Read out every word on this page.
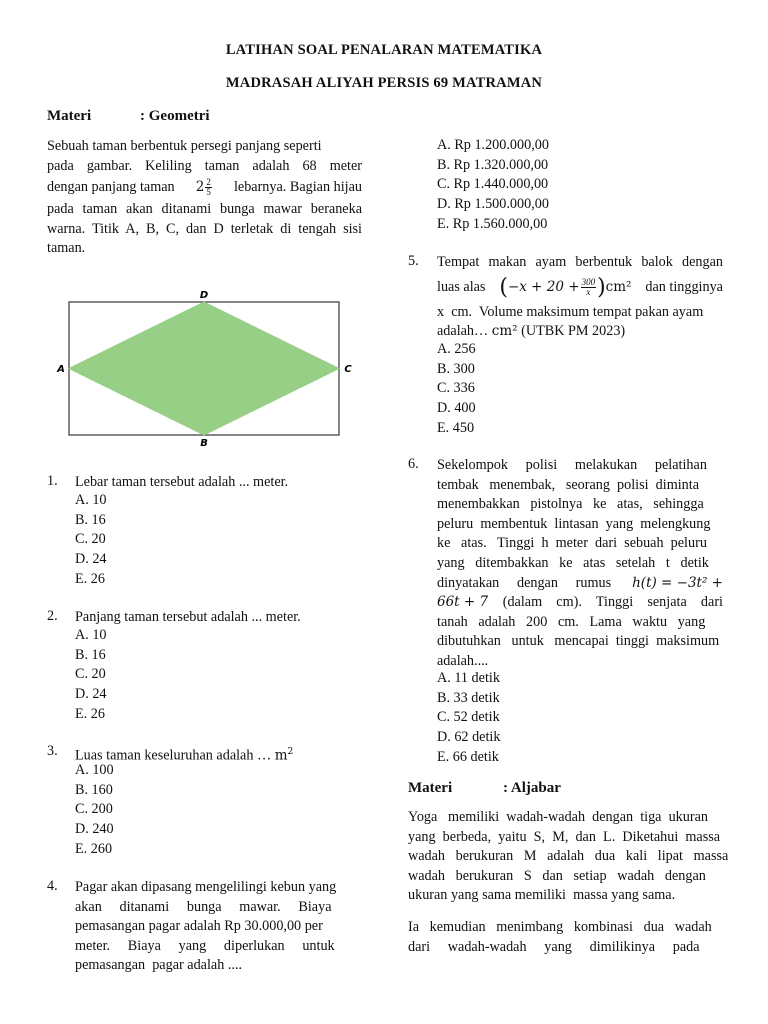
LATIHAN SOAL PENALARAN MATEMATIKA
MADRASAH ALIYAH PERSIS 69 MATRAMAN
Materi	: Geometri
Sebuah taman berbentuk persegi panjang seperti
pada gambar. Keliling taman adalah 68 meter
dengan panjang taman $2 \frac{2}{5}$ lebarnya. Bagian hijau
pada taman akan ditanami bunga mawar beraneka
warna. Titik A, B, C, dan D terletak di tengah sisi
taman.
D
B
A	C
1. Lebar taman tersebut adalah ... meter.
A. 10
B. 16
C. 20
D. 24
E. 26
2. Panjang taman tersebut adalah ... meter.
A. 10
B. 16
C. 20
D. 24
E. 26
3. Luas taman keseluruhan adalah … $m^2$
A. 100
B. 160
C. 200
D. 240
E. 260
4. Pagar akan dipasang mengelilingi kebun yang
akan     ditanami     bunga     mawar.     Biaya
pemasangan pagar adalah Rp 30.000,00 per
meter.     Biaya     yang     diperlukan     untuk
pemasangan  pagar adalah ....
A. Rp 1.200.000,00
B. Rp 1.320.000,00
C. Rp 1.440.000,00
D. Rp 1.500.000,00
E. Rp 1.560.000,00
5. Tempat makan ayam berbentuk balok dengan
luas alas $(-x + 20 + \frac{300}{x} )cm^2$ dan tingginya
x  cm.  Volume maksimum tempat pakan ayam
adalah… cm² (UTBK PM 2023)
A. 256
B. 300
C. 336
D. 400
E. 450
6. Sekelompok     polisi     melakukan     pelatihan
tembak   menembak,   seorang  polisi  diminta
menembakkan   pistolnya   ke   atas,   sehingga
peluru  membentuk  lintasan  yang  melengkung
ke   atas.   Tinggi  h  meter  dari  sebuah  peluru
yang   ditembakkan   ke   atas   setelah   t   detik
dinyatakan     dengan     rumus ℎ(𝑡) = −3𝑡² +
66𝑡 + 7 (dalam    cm).    Tinggi    senjata    dari
tanah   adalah   200   cm.   Lama   waktu   yang
dibutuhkan   untuk   mencapai  tinggi  maksimum
adalah....
A. 11 detik
B. 33 detik
C. 52 detik
D. 62 detik
E. 66 detik
Materi	: Aljabar
Yoga   memiliki  wadah-wadah  dengan  tiga  ukuran
yang  berbeda,  yaitu  S,  M,  dan  L.  Diketahui  massa
wadah   berukuran   M   adalah   dua   kali   lipat   massa
wadah   berukuran   S   dan   setiap   wadah   dengan
ukuran yang sama memiliki  massa yang sama.
Ia   kemudian   menimbang   kombinasi   dua   wadah
dari     wadah-wadah     yang     dimilikinya     pada
